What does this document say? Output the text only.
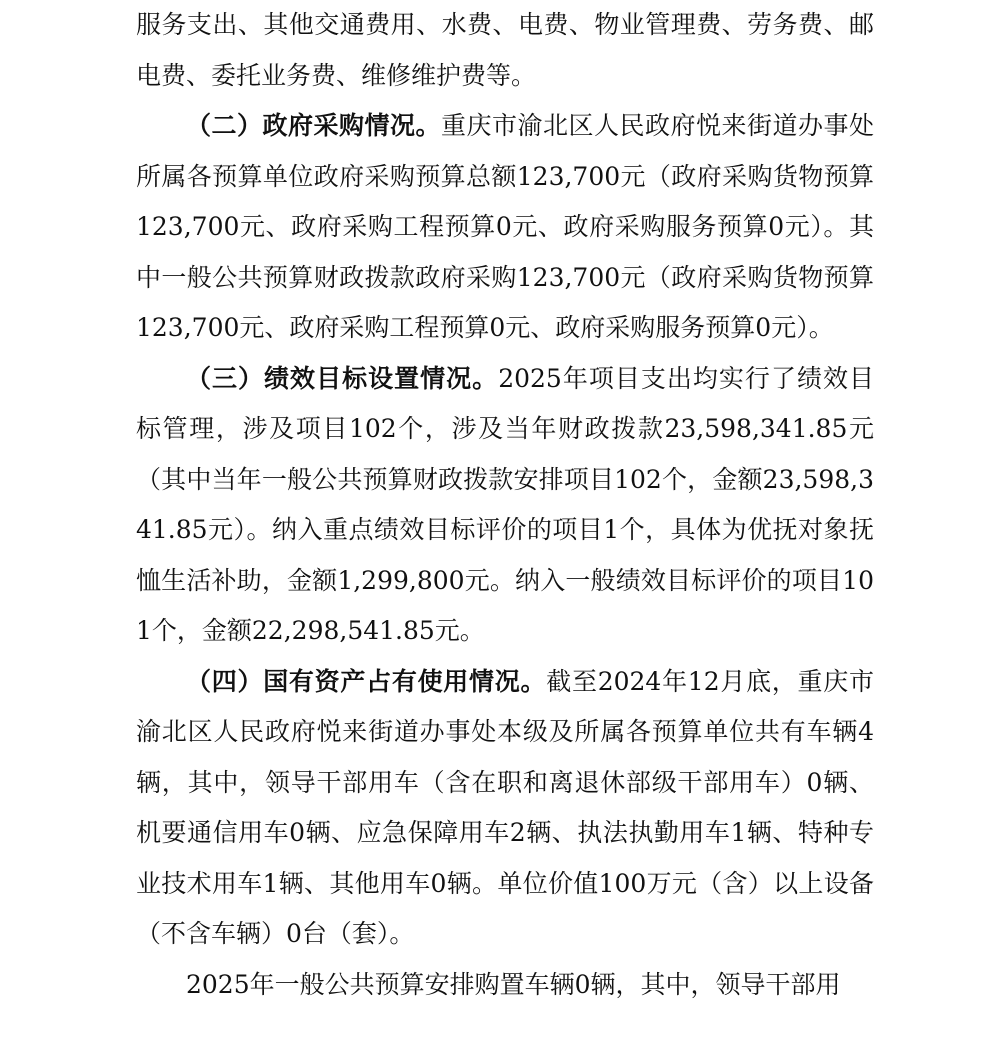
服务支出、其他交通费用、水费、电费、物业管理费、劳务费、邮电费、委托业务费、维修维护费等。

（二）政府采购情况。重庆市渝北区人民政府悦来街道办事处所属各预算单位政府采购预算总额123,700元（政府采购货物预算123,700元、政府采购工程预算0元、政府采购服务预算0元）。其中一般公共预算财政拨款政府采购123,700元（政府采购货物预算123,700元、政府采购工程预算0元、政府采购服务预算0元）。

（三）绩效目标设置情况。2025年项目支出均实行了绩效目标管理，涉及项目102个，涉及当年财政拨款23,598,341.85元（其中当年一般公共预算财政拨款安排项目102个，金额23,598,341.85元）。纳入重点绩效目标评价的项目1个，具体为优抚对象抚恤生活补助，金额1,299,800元。纳入一般绩效目标评价的项目101个，金额22,298,541.85元。

（四）国有资产占有使用情况。截至2024年12月底，重庆市渝北区人民政府悦来街道办事处本级及所属各预算单位共有车辆4辆，其中，领导干部用车（含在职和离退休部级干部用车）0辆、机要通信用车0辆、应急保障用车2辆、执法执勤用车1辆、特种专业技术用车1辆、其他用车0辆。单位价值100万元（含）以上设备（不含车辆）0台（套）。

2025年一般公共预算安排购置车辆0辆，其中，领导干部用
